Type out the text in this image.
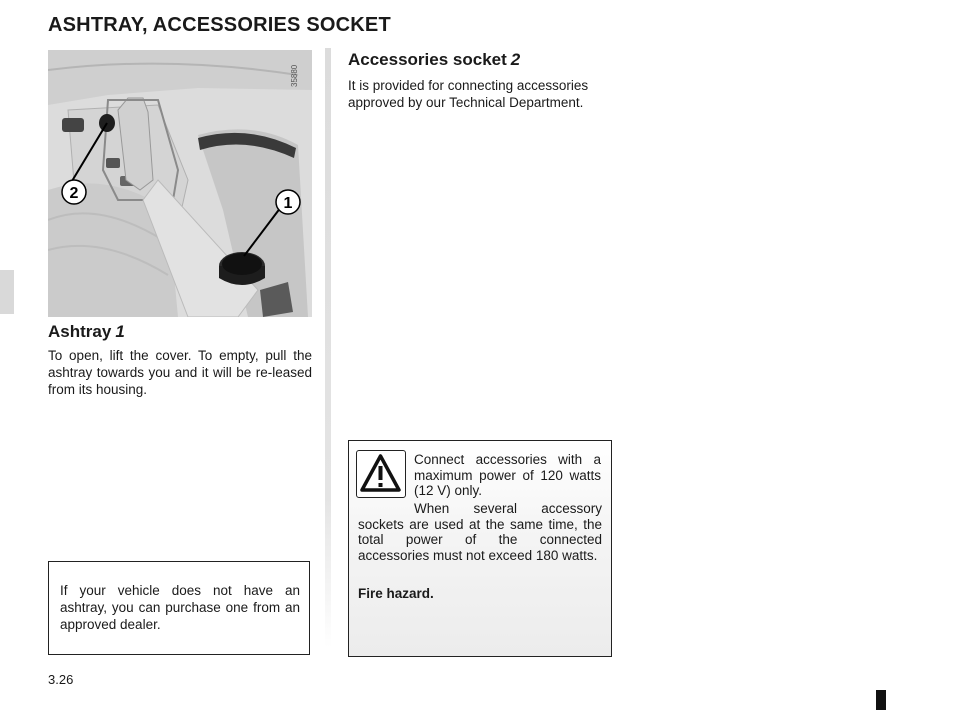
ASHTRAY, ACCESSORIES SOCKET
2
1
35880
Ashtray 1

To open, lift the cover. To empty, pull the ashtray towards you and it will be re-leased from its housing.

If your vehicle does not have an ashtray, you can purchase one from an approved dealer.

Accessories socket 2

It is provided for connecting accessories approved by our Technical Department.

Connect accessories with a maximum power of 120 watts (12 V) only.

When several accessory sockets are used at the same time, the total power of the connected accessories must not exceed 180 watts.

Fire hazard.

3.26
